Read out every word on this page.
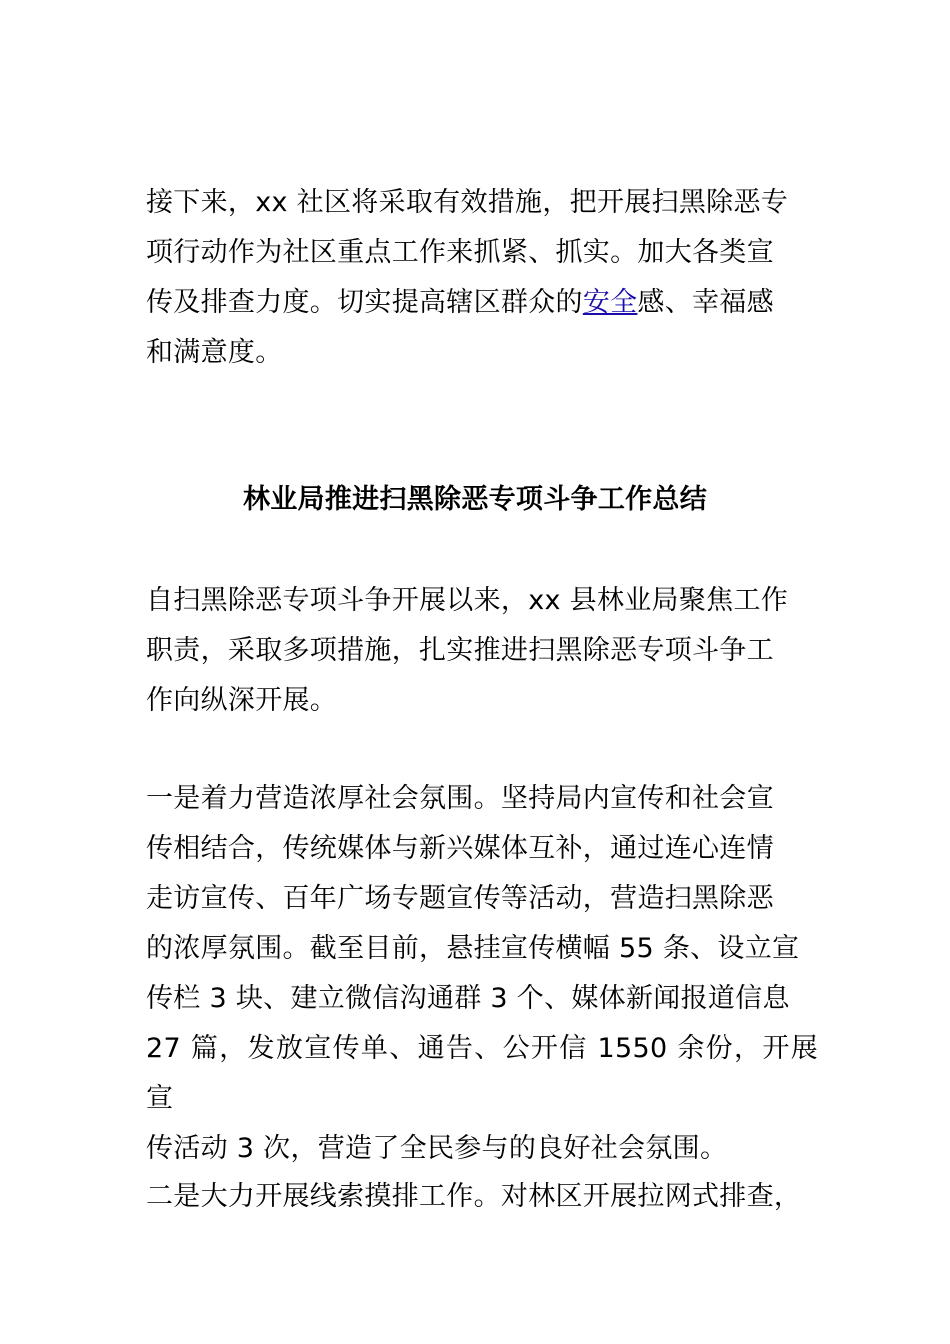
接下来，xx 社区将采取有效措施，把开展扫黑除恶专
项行动作为社区重点工作来抓紧、抓实。加大各类宣
传及排查力度。切实提高辖区群众的安全感、幸福感
和满意度。
林业局推进扫黑除恶专项斗争工作总结
自扫黑除恶专项斗争开展以来，xx 县林业局聚焦工作
职责，采取多项措施，扎实推进扫黑除恶专项斗争工
作向纵深开展。
一是着力营造浓厚社会氛围。坚持局内宣传和社会宣
传相结合，传统媒体与新兴媒体互补，通过连心连情
走访宣传、百年广场专题宣传等活动，营造扫黑除恶
的浓厚氛围。截至目前，悬挂宣传横幅 55 条、设立宣
传栏 3 块、建立微信沟通群 3 个、媒体新闻报道信息
27 篇，发放宣传单、通告、公开信 1550 余份，开展宣
传活动 3 次，营造了全民参与的良好社会氛围。
二是大力开展线索摸排工作。对林区开展拉网式排查，
